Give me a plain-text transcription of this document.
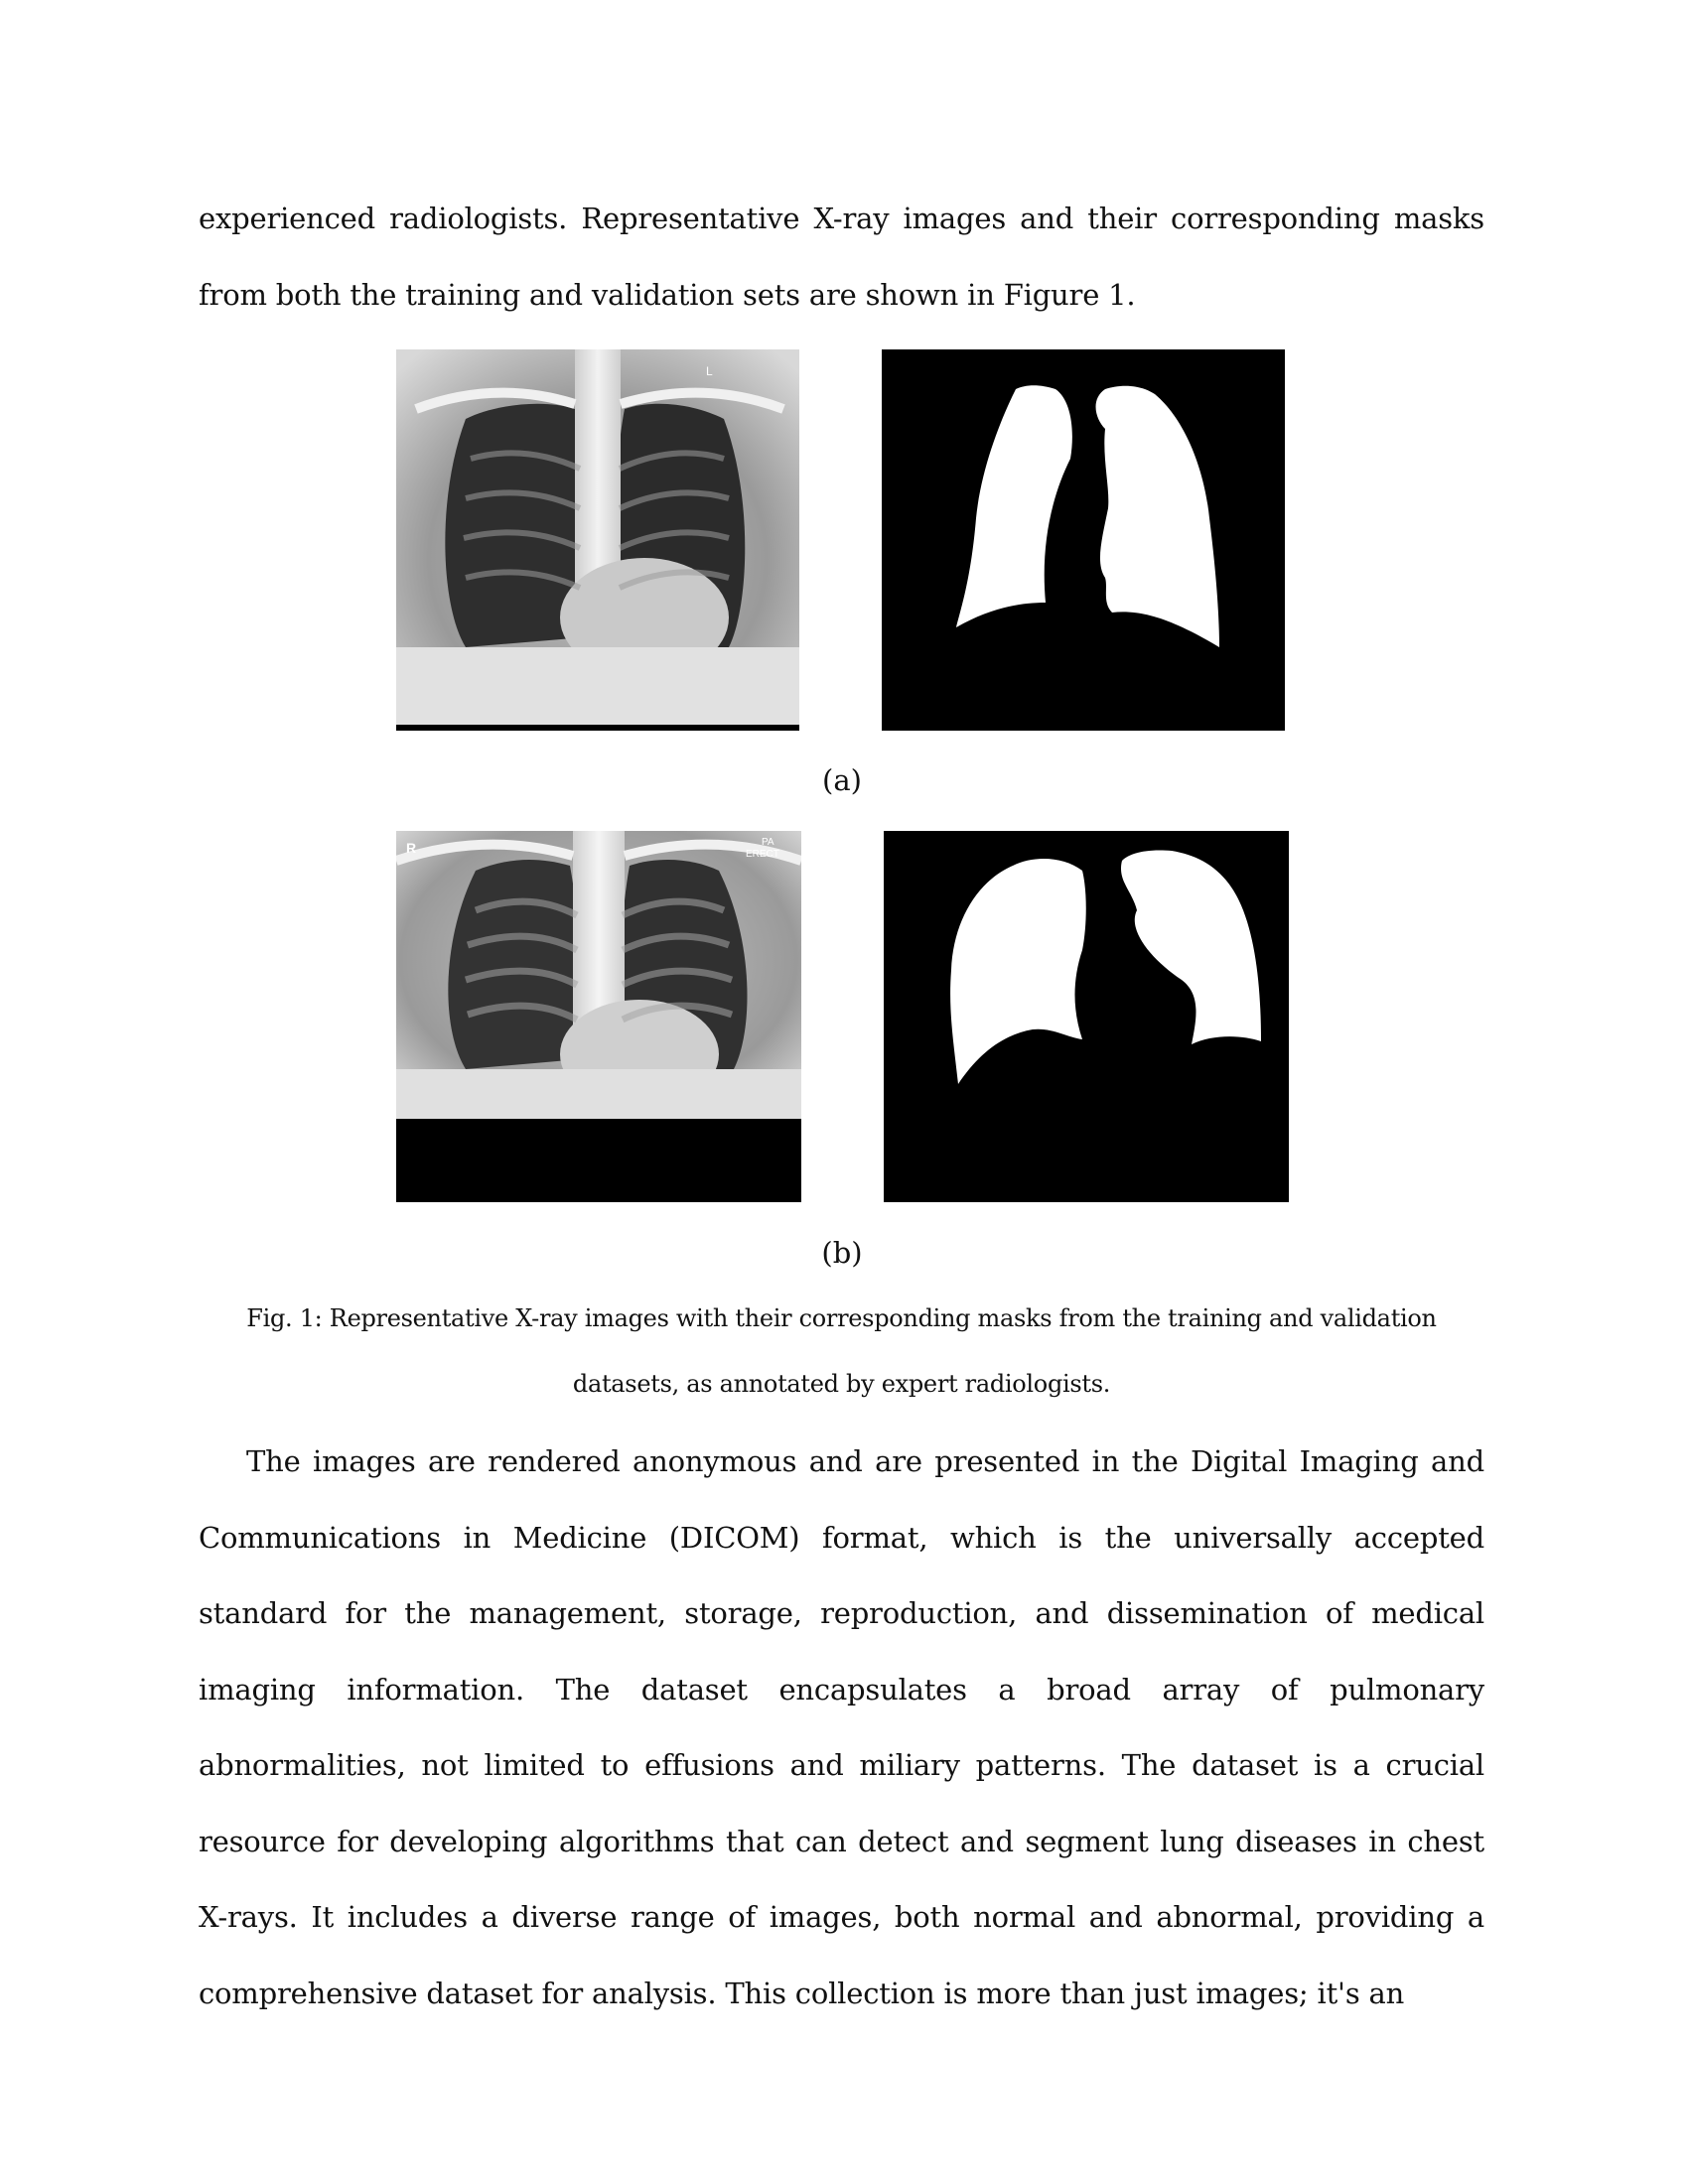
experienced radiologists. Representative X-ray images and their corresponding masks from both the training and validation sets are shown in Figure 1.

L
(a)
R	PA
ERECT
(b)

Fig. 1: Representative X-ray images with their corresponding masks from the training and validation datasets, as annotated by expert radiologists.

The images are rendered anonymous and are presented in the Digital Imaging and Communications in Medicine (DICOM) format, which is the universally accepted standard for the management, storage, reproduction, and dissemination of medical imaging information. The dataset encapsulates a broad array of pulmonary abnormalities, not limited to effusions and miliary patterns. The dataset is a crucial resource for developing algorithms that can detect and segment lung diseases in chest X-rays. It includes a diverse range of images, both normal and abnormal, providing a comprehensive dataset for analysis. This collection is more than just images; it's an
